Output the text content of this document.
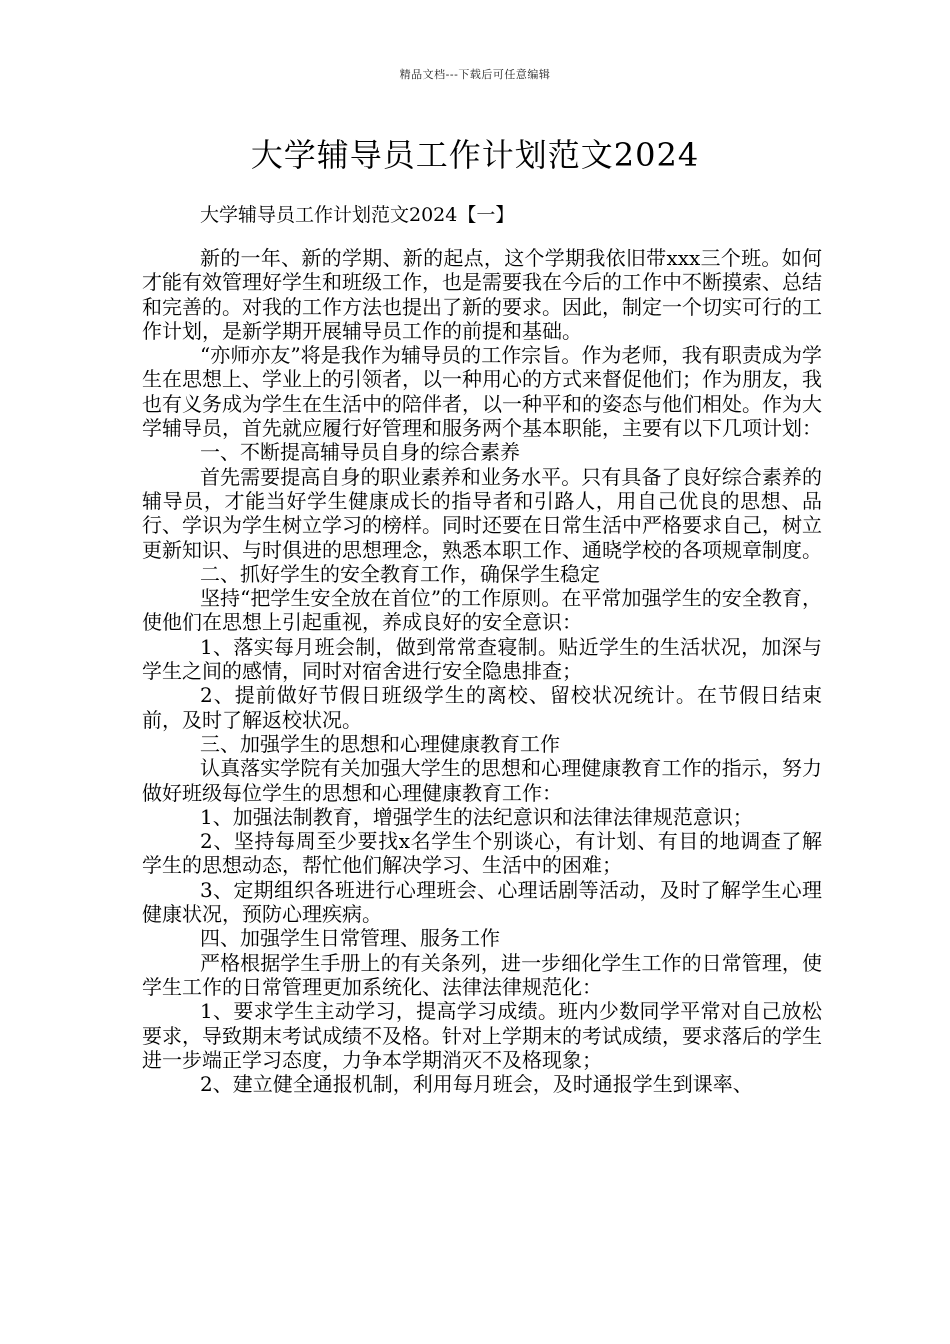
精品文档---下载后可任意编辑
大学辅导员工作计划范文2024
大学辅导员工作计划范文2024【一】

新的一年、新的学期、新的起点，这个学期我依旧带xxx三个班。如何才能有效管理好学生和班级工作，也是需要我在今后的工作中不断摸索、总结和完善的。对我的工作方法也提出了新的要求。因此，制定一个切实可行的工作计划，是新学期开展辅导员工作的前提和基础。

“亦师亦友”将是我作为辅导员的工作宗旨。作为老师，我有职责成为学生在思想上、学业上的引领者，以一种用心的方式来督促他们；作为朋友，我也有义务成为学生在生活中的陪伴者，以一种平和的姿态与他们相处。作为大学辅导员，首先就应履行好管理和服务两个基本职能，主要有以下几项计划：

一、不断提高辅导员自身的综合素养

首先需要提高自身的职业素养和业务水平。只有具备了良好综合素养的辅导员，才能当好学生健康成长的指导者和引路人，用自己优良的思想、品行、学识为学生树立学习的榜样。同时还要在日常生活中严格要求自己，树立更新知识、与时俱进的思想理念，熟悉本职工作、通晓学校的各项规章制度。

二、抓好学生的安全教育工作，确保学生稳定

坚持“把学生安全放在首位”的工作原则。在平常加强学生的安全教育，使他们在思想上引起重视，养成良好的安全意识：

1、落实每月班会制，做到常常查寝制。贴近学生的生活状况，加深与学生之间的感情，同时对宿舍进行安全隐患排查；

2、提前做好节假日班级学生的离校、留校状况统计。在节假日结束前，及时了解返校状况。

三、加强学生的思想和心理健康教育工作

认真落实学院有关加强大学生的思想和心理健康教育工作的指示，努力做好班级每位学生的思想和心理健康教育工作：

1、加强法制教育，增强学生的法纪意识和法律法律规范意识；

2、坚持每周至少要找x名学生个别谈心，有计划、有目的地调查了解学生的思想动态，帮忙他们解决学习、生活中的困难；

3、定期组织各班进行心理班会、心理话剧等活动，及时了解学生心理健康状况，预防心理疾病。

四、加强学生日常管理、服务工作

严格根据学生手册上的有关条列，进一步细化学生工作的日常管理，使学生工作的日常管理更加系统化、法律法律规范化：

1、要求学生主动学习，提高学习成绩。班内少数同学平常对自己放松要求，导致期末考试成绩不及格。针对上学期末的考试成绩，要求落后的学生进一步端正学习态度，力争本学期消灭不及格现象；

2、建立健全通报机制，利用每月班会，及时通报学生到课率、
